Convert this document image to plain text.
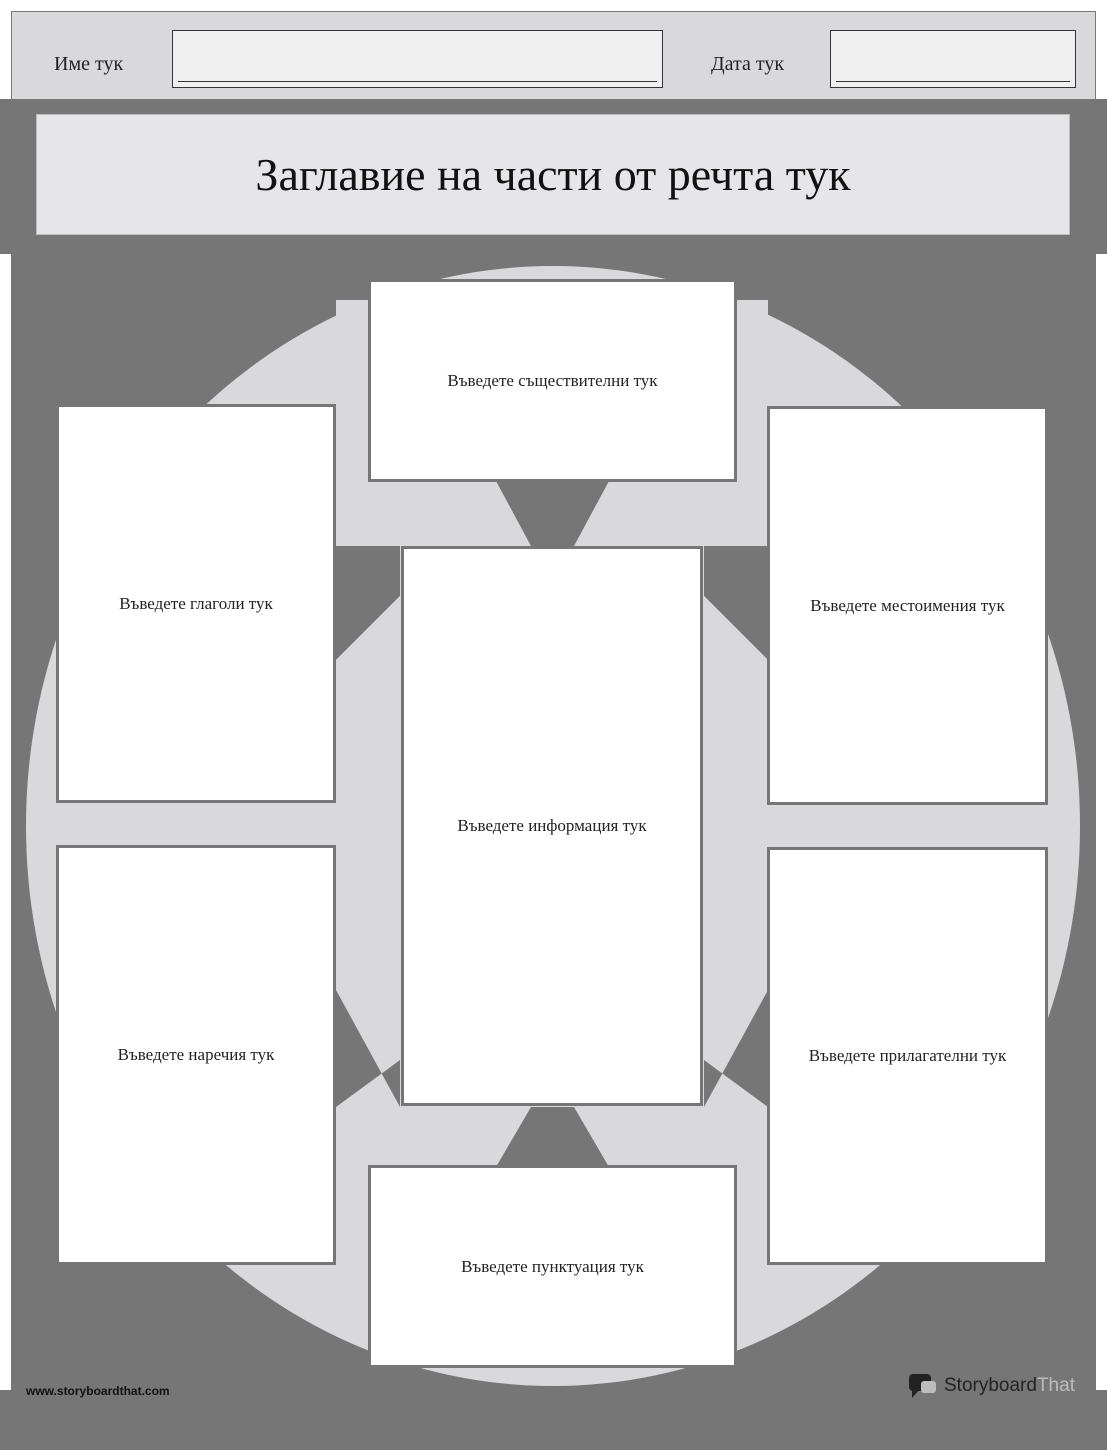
Име тук	Дата тук
Заглавие на части от речта тук
Въведете съществителни тук
Въведете глаголи тук	Въведете местоимения тук
Въведете информация тук
Въведете наречия тук	Въведете прилагателни тук
Въведете пунктуация тук
www.storyboardthat.com	StoryboardThat
